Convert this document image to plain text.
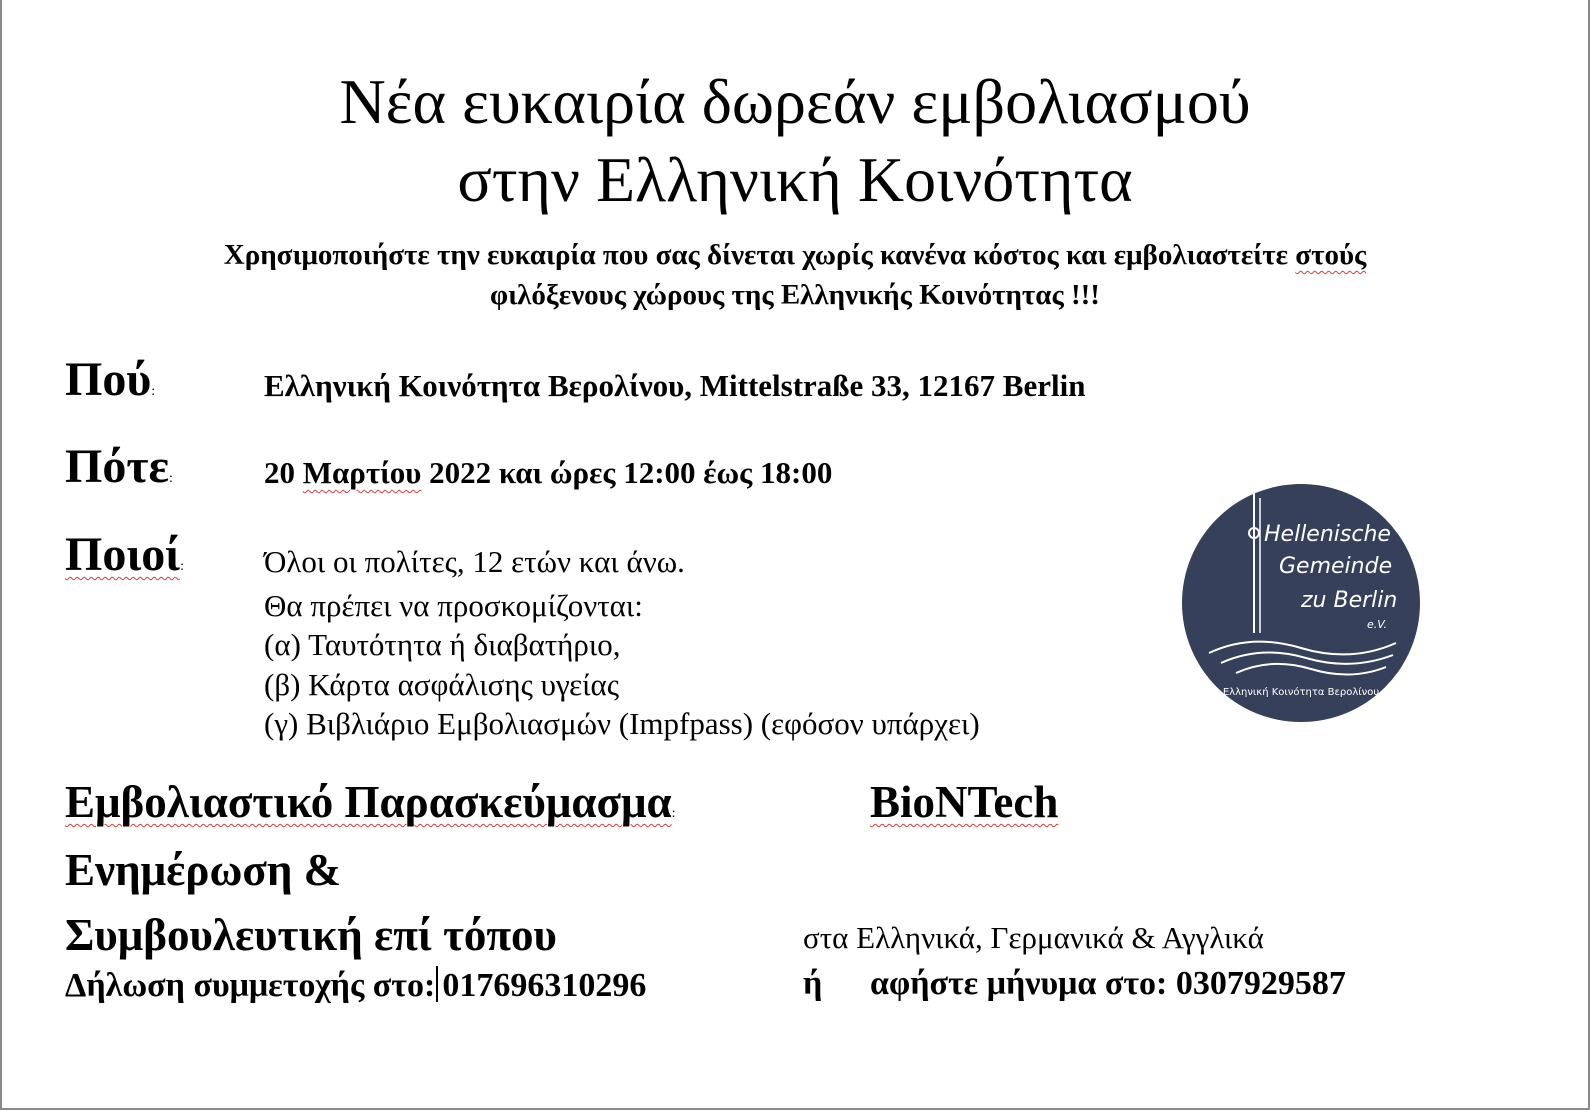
Νέα ευκαιρία δωρεάν εμβολιασμού
στην Ελληνική Κοινότητα
Χρησιμοποιήστε την ευκαιρία που σας δίνεται χωρίς κανένα κόστος και εμβολιαστείτε στούς
φιλόξενους χώρους της Ελληνικής Κοινότητας !!!
Πού:	Ελληνική Κοινότητα Βερολίνου, Mittelstraße 33, 12167 Berlin
Πότε:	20 Μαρτίου 2022 και ώρες 12:00 έως 18:00
Ποιοί:	Όλοι οι πολίτες, 12 ετών και άνω.
Θα πρέπει να προσκομίζονται:
(α) Ταυτότητα ή διαβατήριο,
(β) Κάρτα ασφάλισης υγείας
(γ) Βιβλιάριο Εμβολιασμών (Impfpass) (εφόσον υπάρχει)
Hellenische
Gemeinde
zu Berlin
e.V.
Ελληνική Κοινότητα Βερολίνου
Εμβολιαστικό Παρασκεύμασμα:	BioNTech
Ενημέρωση &
Συμβουλευτική επί τόπου	στα Ελληνικά, Γερμανικά & Αγγλικά
Δήλωση συμμετοχής στο: 017696310296	ή αφήστε μήνυμα στο: 0307929587
